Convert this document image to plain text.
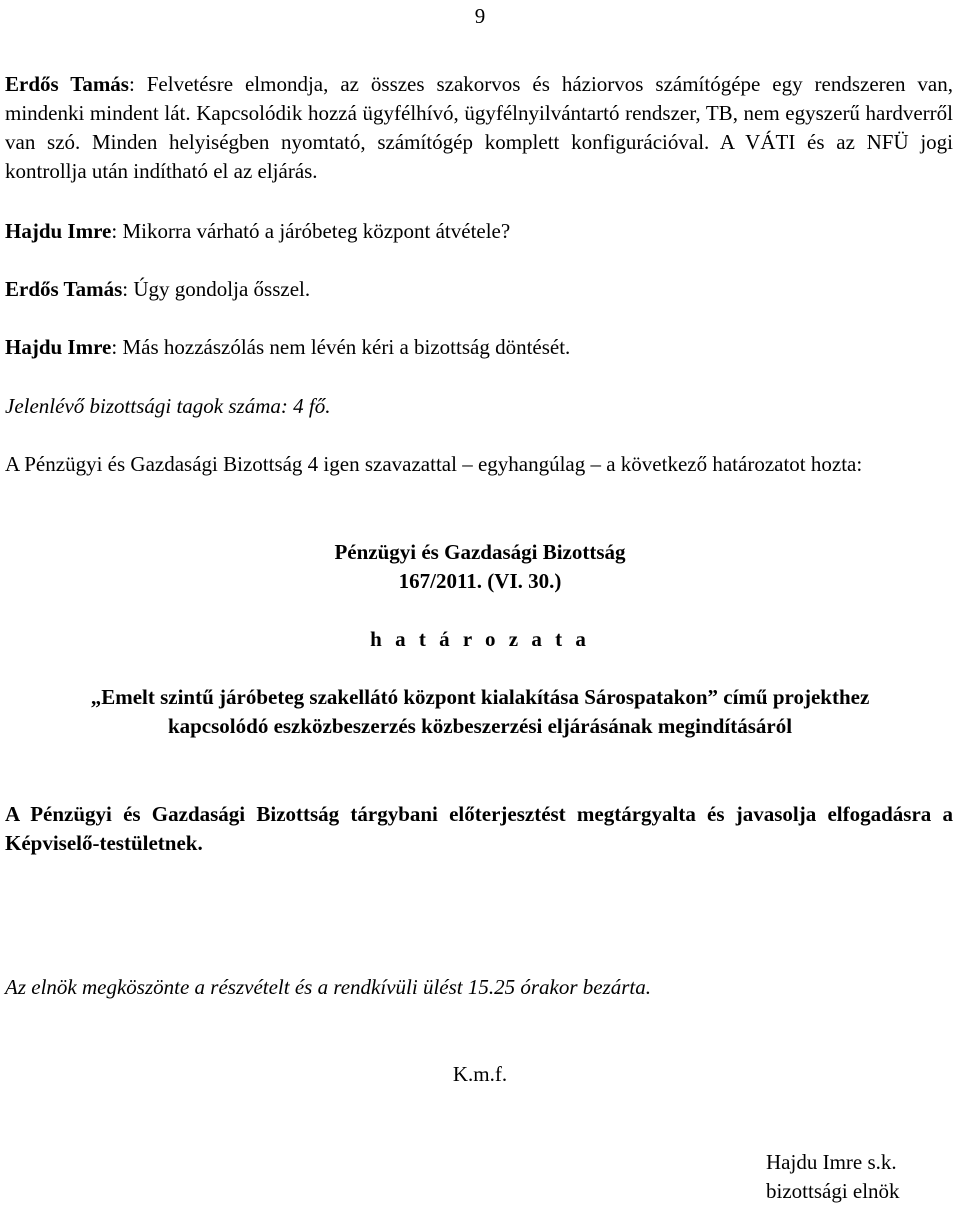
9
Erdős Tamás: Felvetésre elmondja, az összes szakorvos és háziorvos számítógépe egy rendszeren van, mindenki mindent lát. Kapcsolódik hozzá ügyfélhívó, ügyfélnyilvántartó rendszer, TB, nem egyszerű hardverről van szó. Minden helyiségben nyomtató, számítógép komplett konfigurációval. A VÁTI és az NFÜ jogi kontrollja után indítható el az eljárás.
Hajdu Imre: Mikorra várható a járóbeteg központ átvétele?
Erdős Tamás: Úgy gondolja ősszel.
Hajdu Imre: Más hozzászólás nem lévén kéri a bizottság döntését.
Jelenlévő bizottsági tagok száma: 4 fő.
A Pénzügyi és Gazdasági Bizottság 4 igen szavazattal – egyhangúlag – a következő határozatot hozta:
Pénzügyi és Gazdasági Bizottság
167/2011. (VI. 30.)
h a t á r o z a t a
„Emelt szintű járóbeteg szakellátó központ kialakítása Sárospatakon” című projekthez
kapcsolódó eszközbeszerzés közbeszerzési eljárásának megindításáról
A Pénzügyi és Gazdasági Bizottság tárgybani előterjesztést megtárgyalta és javasolja elfogadásra a Képviselő-testületnek.
Az elnök megköszönte a részvételt és a rendkívüli ülést 15.25 órakor bezárta.
K.m.f.
Hajdu Imre s.k.
bizottsági elnök
